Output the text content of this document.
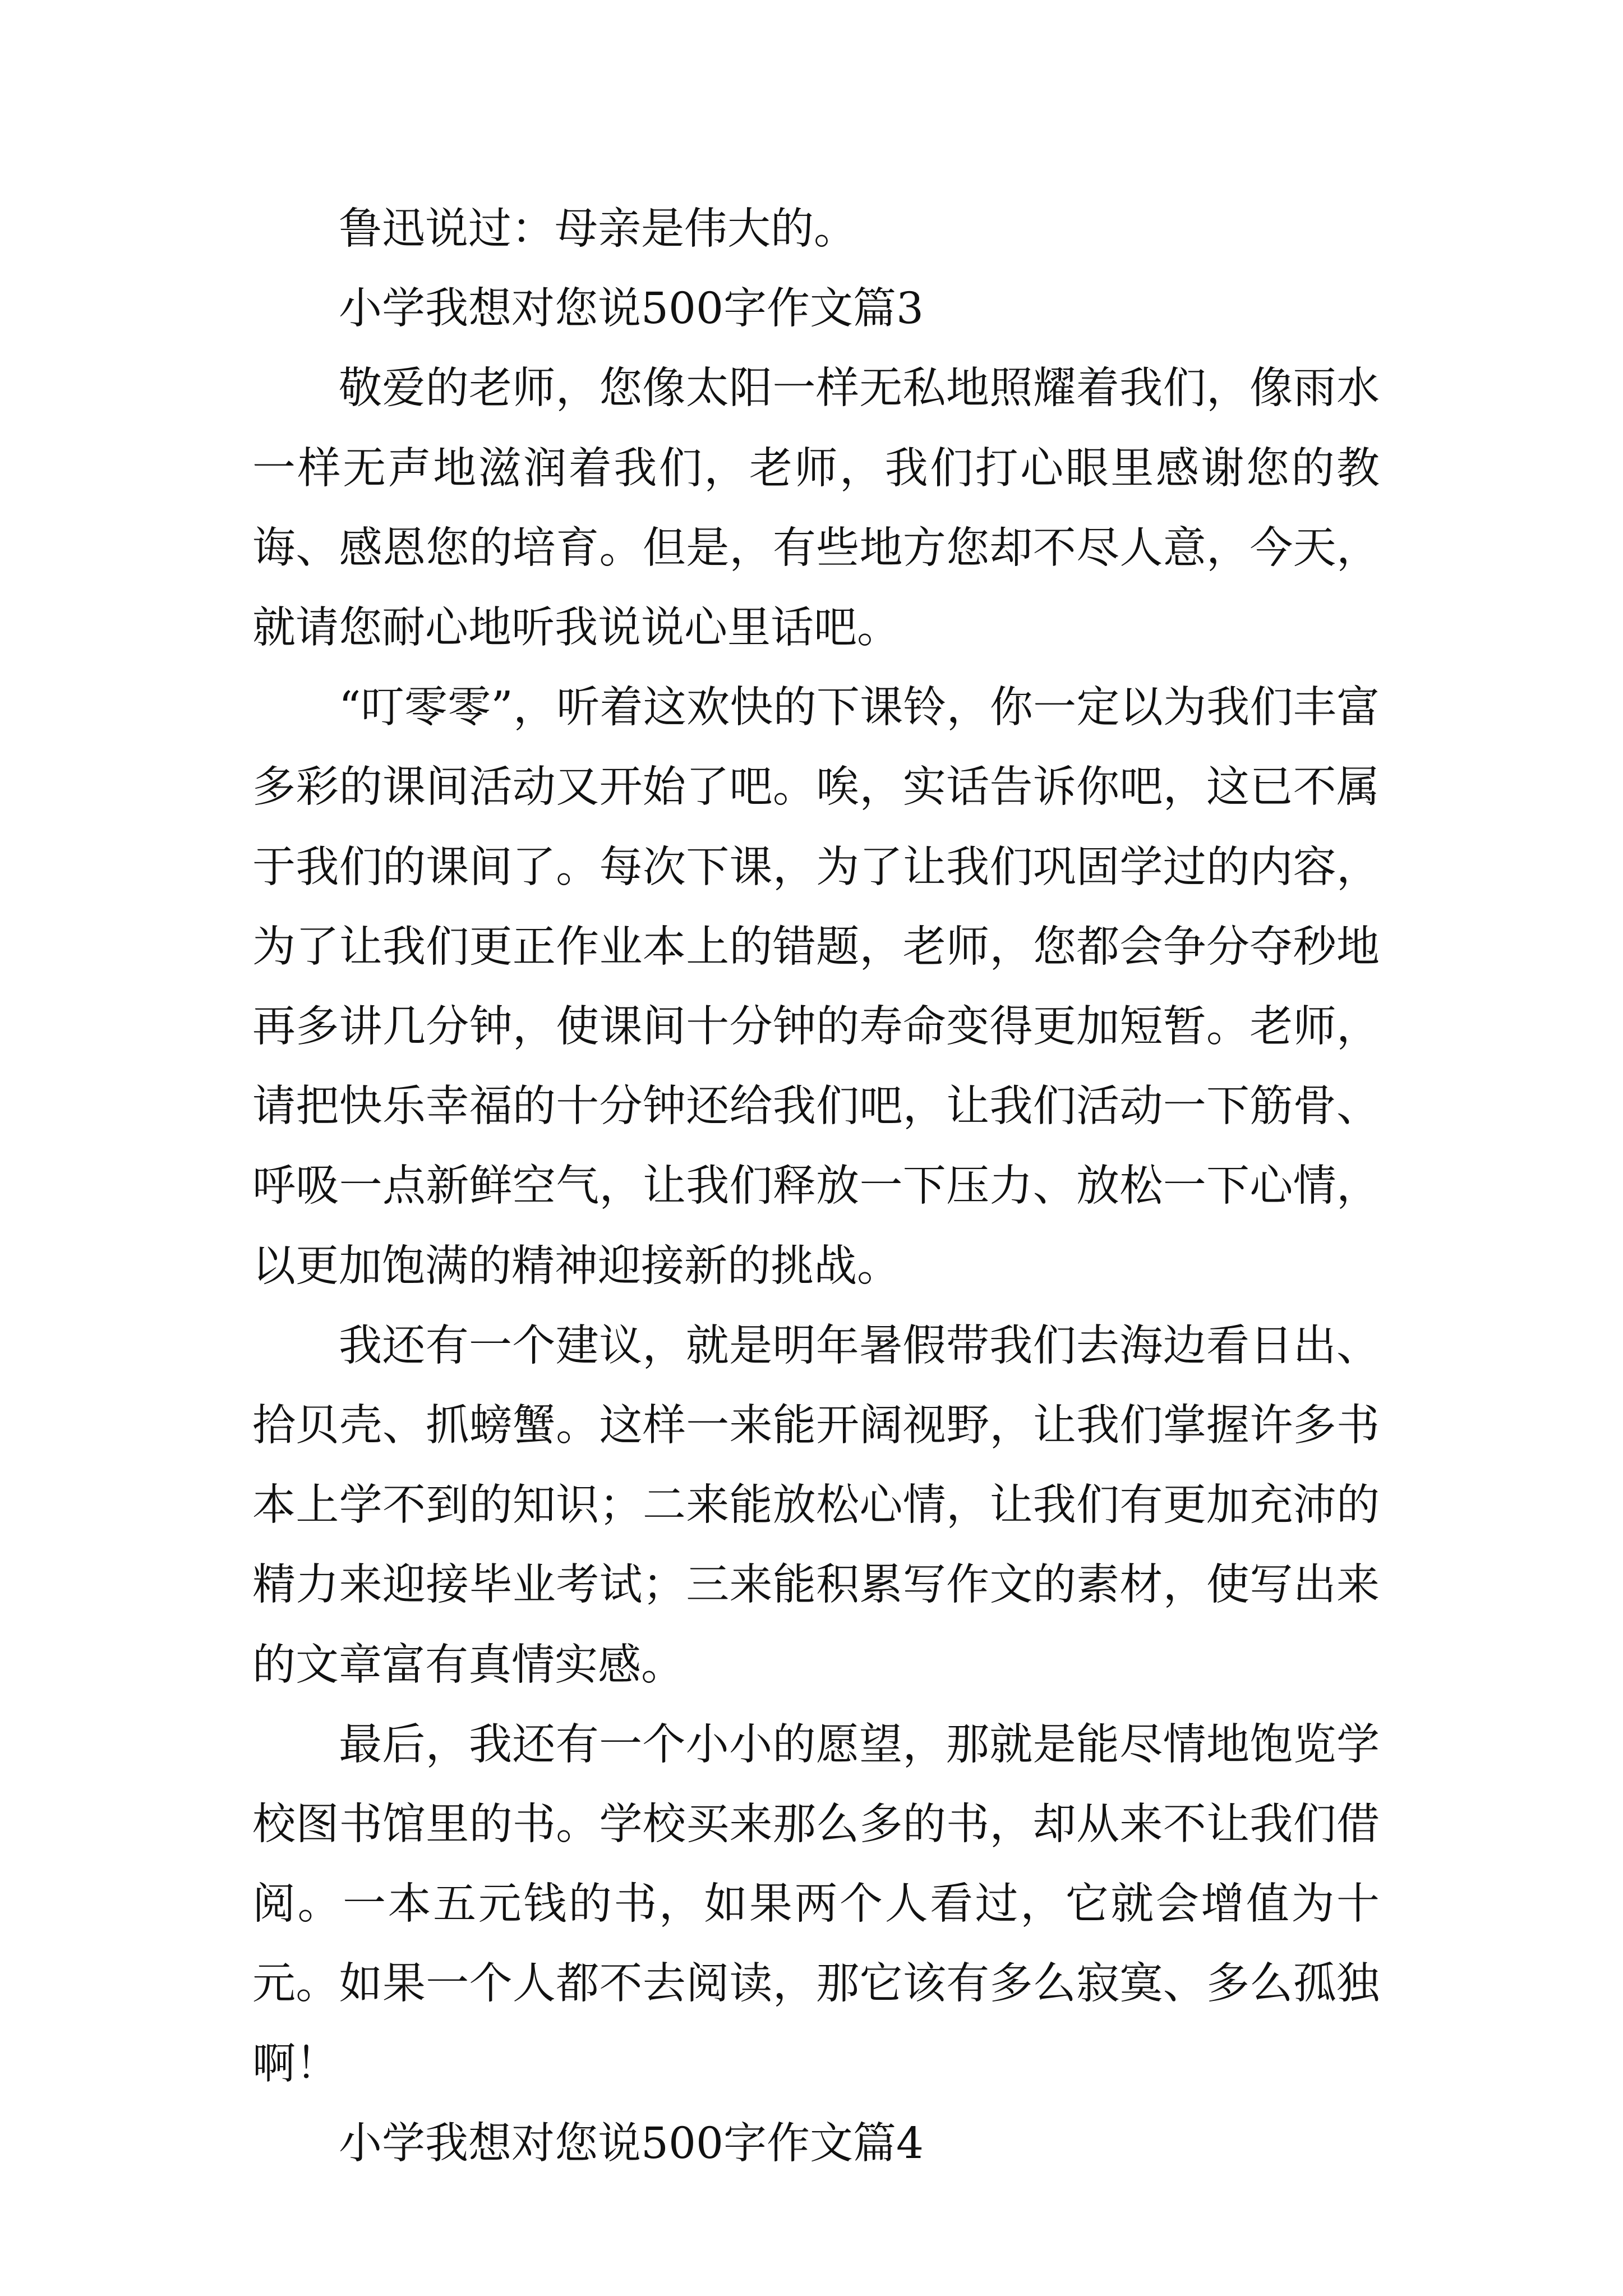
鲁迅说过：母亲是伟大的。

小学我想对您说500字作文篇3

敬爱的老师，您像太阳一样无私地照耀着我们，像雨水一样无声地滋润着我们，老师，我们打心眼里感谢您的教诲、感恩您的培育。但是，有些地方您却不尽人意，今天，就请您耐心地听我说说心里话吧。

“叮零零”，听着这欢快的下课铃，你一定以为我们丰富多彩的课间活动又开始了吧。唉，实话告诉你吧，这已不属于我们的课间了。每次下课，为了让我们巩固学过的内容，为了让我们更正作业本上的错题，老师，您都会争分夺秒地再多讲几分钟，使课间十分钟的寿命变得更加短暂。老师，请把快乐幸福的十分钟还给我们吧，让我们活动一下筋骨、呼吸一点新鲜空气，让我们释放一下压力、放松一下心情，以更加饱满的精神迎接新的挑战。

我还有一个建议，就是明年暑假带我们去海边看日出、拾贝壳、抓螃蟹。这样一来能开阔视野，让我们掌握许多书本上学不到的知识；二来能放松心情，让我们有更加充沛的精力来迎接毕业考试；三来能积累写作文的素材，使写出来的文章富有真情实感。

最后，我还有一个小小的愿望，那就是能尽情地饱览学校图书馆里的书。学校买来那么多的书，却从来不让我们借阅。一本五元钱的书，如果两个人看过，它就会增值为十元。如果一个人都不去阅读，那它该有多么寂寞、多么孤独啊！

小学我想对您说500字作文篇4
